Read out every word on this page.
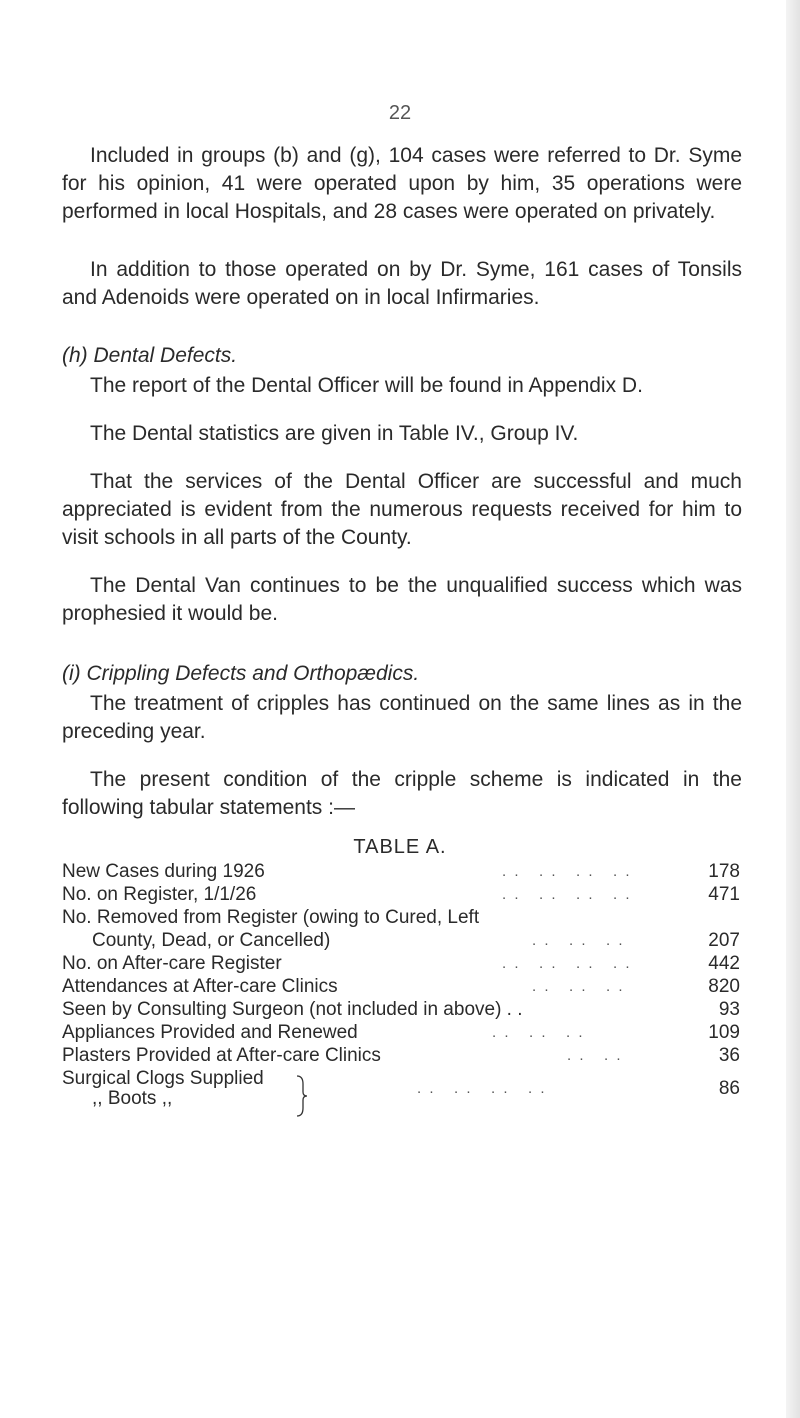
22

Included in groups (b) and (g), 104 cases were referred to Dr. Syme for his opinion, 41 were operated upon by him, 35 operations were performed in local Hospitals, and 28 cases were operated on privately.

In addition to those operated on by Dr. Syme, 161 cases of Tonsils and Adenoids were operated on in local Infirmaries.

(h) Dental Defects.

The report of the Dental Officer will be found in Appendix D.

The Dental statistics are given in Table IV., Group IV.

That the services of the Dental Officer are successful and much appreciated is evident from the numerous requests received for him to visit schools in all parts of the County.

The Dental Van continues to be the unqualified success which was prophesied it would be.

(i) Crippling Defects and Orthopædics.

The treatment of cripples has continued on the same lines as in the preceding year.

The present condition of the cripple scheme is indicated in the following tabular statements :—

TABLE A.
New Cases during 1926	. .   . .   . .   . .	178
No. on Register, 1/1/26	. .   . .   . .   . .	471
No. Removed from Register (owing to Cured, Left
County, Dead, or Cancelled)	. .   . .   . .	207
No. on After-care Register	. .   . .   . .   . .	442
Attendances at After-care Clinics	. .   . .   . .	820
Seen by Consulting Surgeon (not included in above) . .	93
Appliances Provided and Renewed	. .   . .   . .	109
Plasters Provided at After-care Clinics	. .   . .	36
Surgical Clogs Supplied	. .   . .   . .   . .	86
,, Boots ,,
